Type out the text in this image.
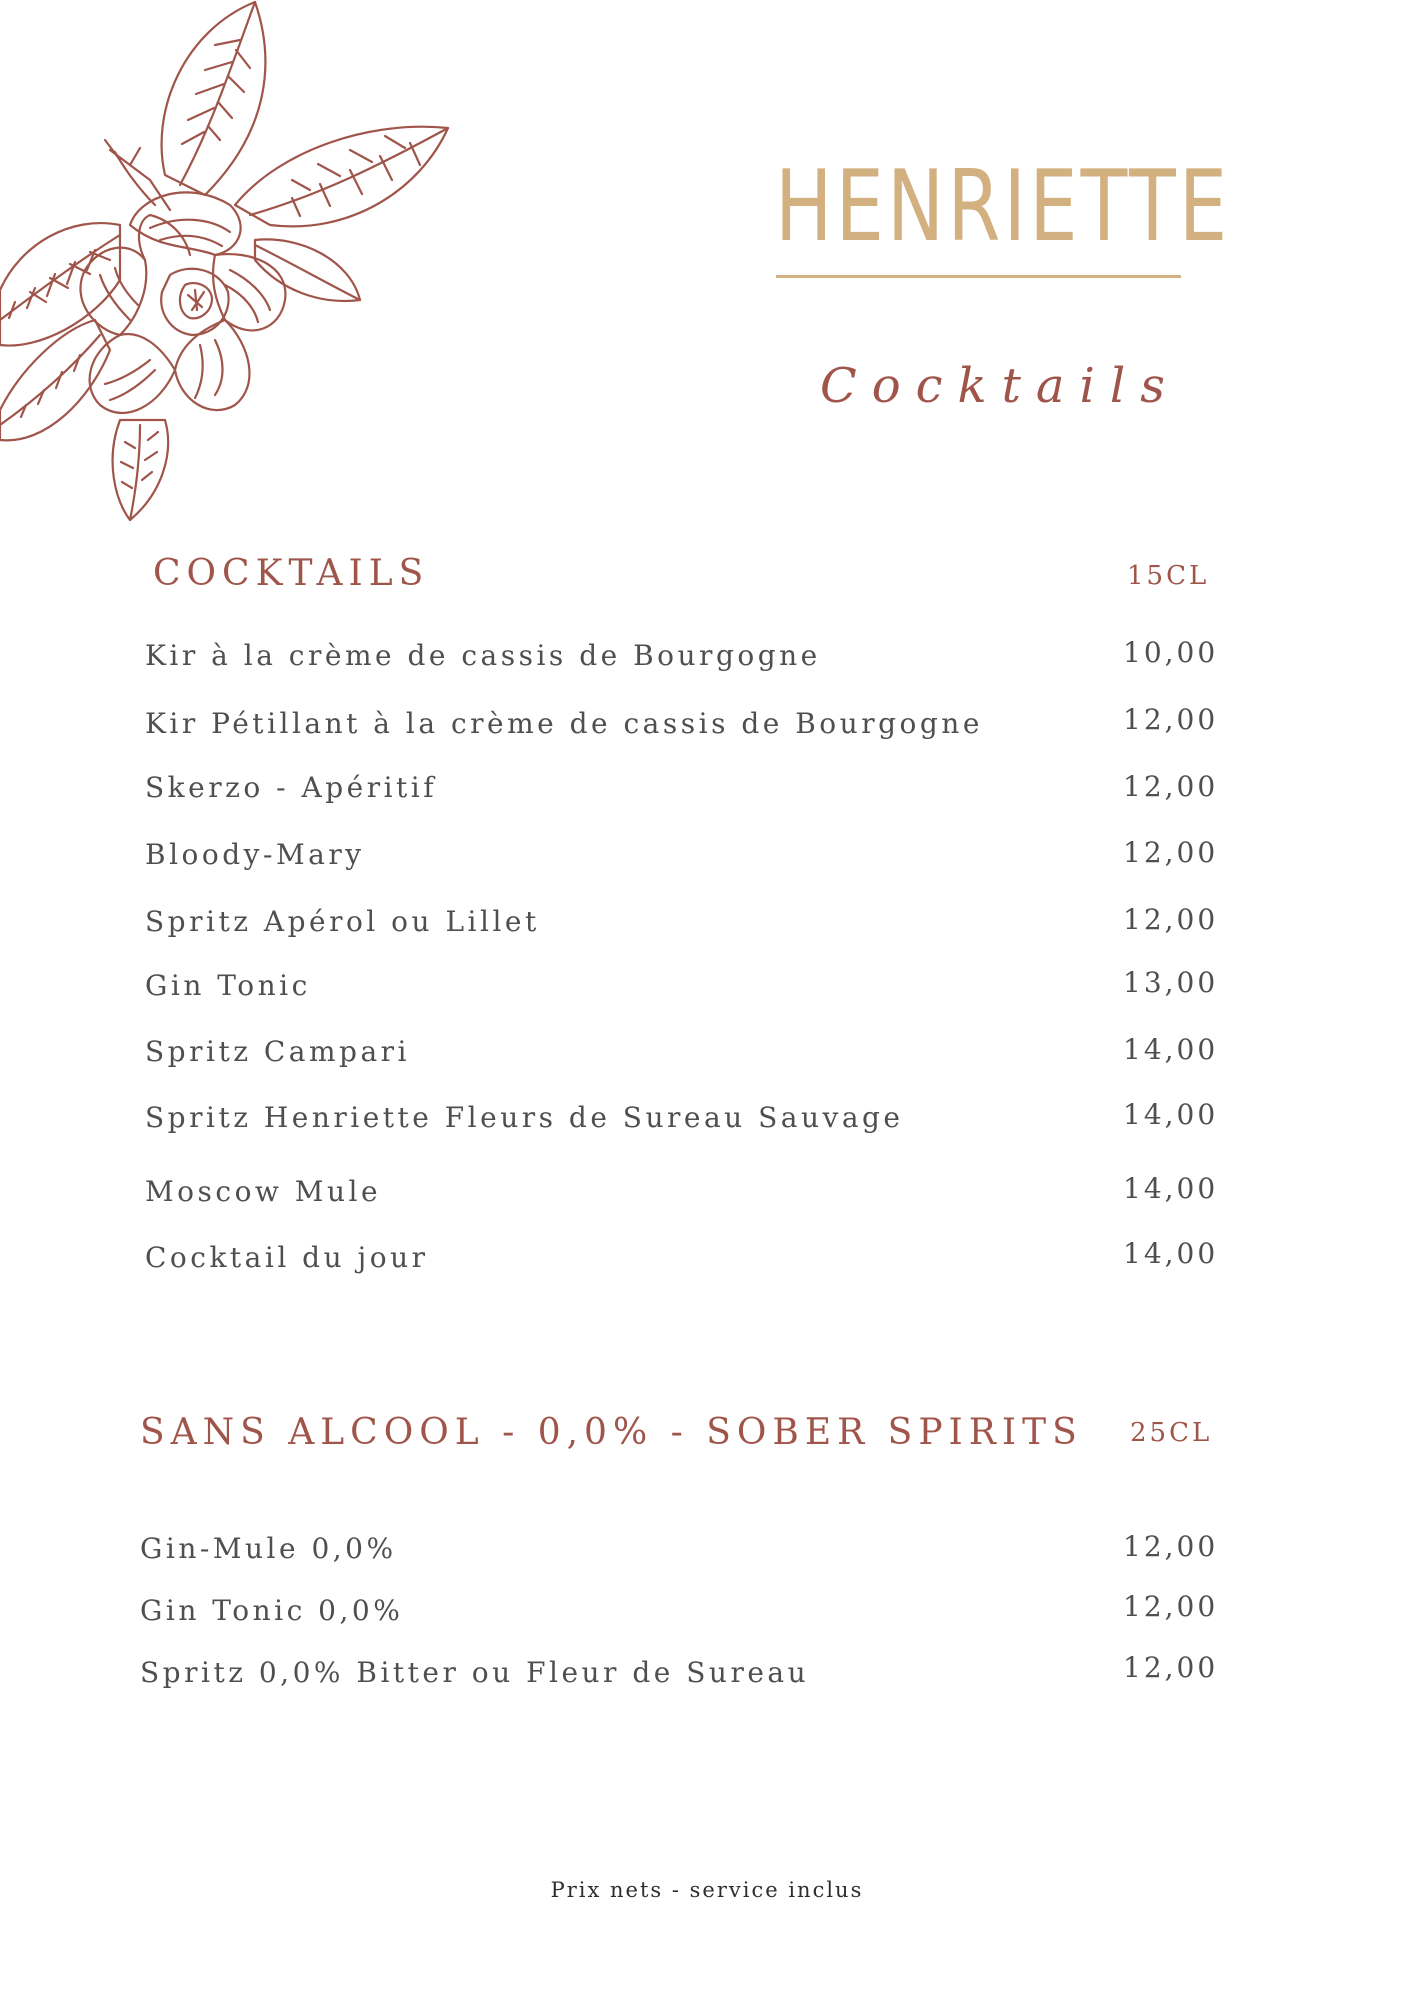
HENRIETTE
Cocktails
COCKTAILS	15CL
Kir à la crème de cassis de Bourgogne	10,00
Kir Pétillant à la crème de cassis de Bourgogne	12,00
Skerzo - Apéritif	12,00
Bloody-Mary	12,00
Spritz Apérol ou Lillet	12,00
Gin Tonic	13,00
Spritz Campari	14,00
Spritz Henriette Fleurs de Sureau Sauvage	14,00
Moscow Mule	14,00
Cocktail du jour	14,00
SANS ALCOOL - 0,0% - SOBER SPIRITS 25CL
Gin-Mule 0,0%	12,00
Gin Tonic 0,0%	12,00
Spritz 0,0% Bitter ou Fleur de Sureau	12,00
Prix nets - service inclus
